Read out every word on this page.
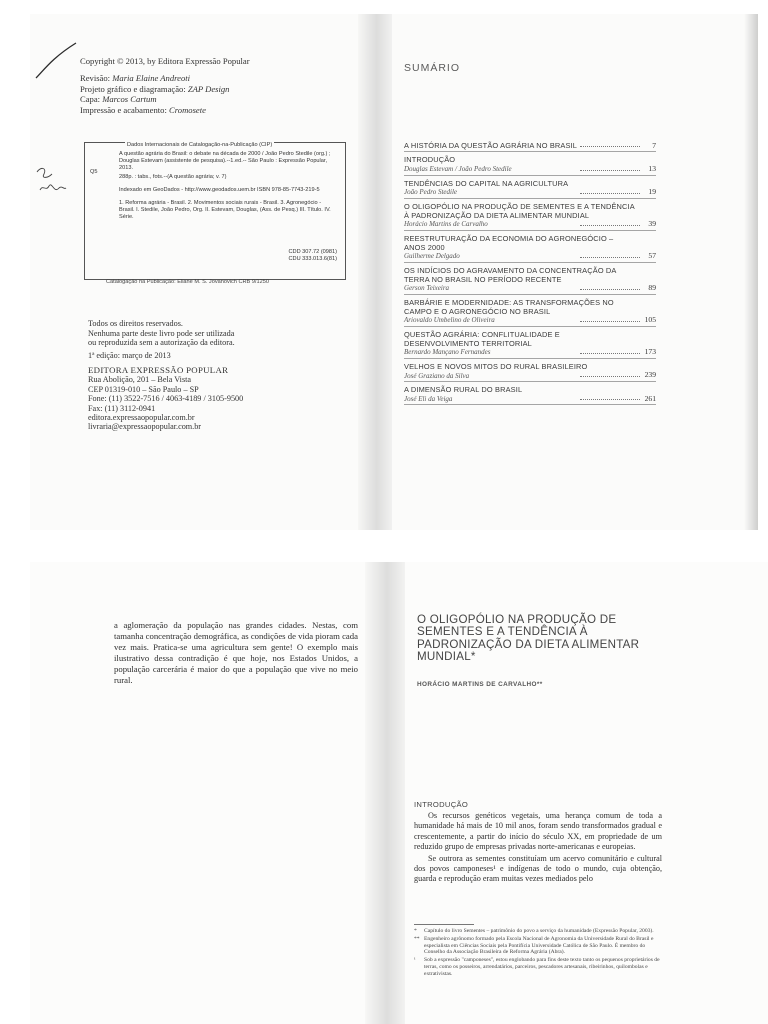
Copyright © 2013, by Editora Expressão Popular
Revisão: Maria Elaine Andreoti
Projeto gráfico e diagramação: ZAP Design
Capa: Marcos Cartum
Impressão e acabamento: Cromosete
Dados Internacionais de Catalogação-na-Publicação (CIP)
Q5

A questão agrária do Brasil: o debate na década de 2000 / João Pedro Stedile (org.) ; Douglas Estevam (assistente de pesquisa).--1.ed.-- São Paulo : Expressão Popular, 2013.

288p. : tabs., fots.--(A questão agrária; v. 7)

Indexado em GeoDados - http://www.geodados.uem.br ISBN 978-85-7743-219-5

1. Reforma agrária - Brasil. 2. Movimentos sociais rurais - Brasil. 3. Agronegócio - Brasil. I. Stedile, João Pedro, Org. II. Estevam, Douglas, (Ass. de Pesq.) III. Título. IV. Série.

CDD 307.72 (0981)
CDU 333.013.6(81)
Catalogação na Publicação: Eliane M. S. Jovanovich CRB 9/1250
Todos os direitos reservados.
Nenhuma parte deste livro pode ser utilizada
ou reproduzida sem a autorização da editora.
1ª edição: março de 2013
EDITORA EXPRESSÃO POPULAR
Rua Abolição, 201 – Bela Vista
CEP 01319-010 – São Paulo – SP
Fone: (11) 3522-7516 / 4063-4189 / 3105-9500
Fax: (11) 3112-0941
editora.expressaopopular.com.br
livraria@expressaopopular.com.br
SUMÁRIO
A HISTÓRIA DA QUESTÃO AGRÁRIA NO BRASIL	7
INTRODUÇÃO
Douglas Estevam / João Pedro Stedile	13
TENDÊNCIAS DO CAPITAL NA AGRICULTURA
João Pedro Stedile	19
O OLIGOPÓLIO NA PRODUÇÃO DE SEMENTES E A TENDÊNCIA À PADRONIZAÇÃO DA DIETA ALIMENTAR MUNDIAL
Horácio Martins de Carvalho	39
REESTRUTURAÇÃO DA ECONOMIA DO AGRONEGÓCIO – ANOS 2000
Guilherme Delgado	57
OS INDÍCIOS DO AGRAVAMENTO DA CONCENTRAÇÃO DA TERRA NO BRASIL NO PERÍODO RECENTE
Gerson Teixeira	89
BARBÁRIE E MODERNIDADE: AS TRANSFORMAÇÕES NO CAMPO E O AGRONEGÓCIO NO BRASIL
Ariovaldo Umbelino de Oliveira	105
QUESTÃO AGRÁRIA: CONFLITUALIDADE E DESENVOLVIMENTO TERRITORIAL
Bernardo Mançano Fernandes	173
VELHOS E NOVOS MITOS DO RURAL BRASILEIRO
José Graziano da Silva	239
A DIMENSÃO RURAL DO BRASIL
José Eli da Veiga	261
a aglomeração da população nas grandes cidades. Nestas, com tamanha concentração demográfica, as condições de vida pioram cada vez mais. Pratica-se uma agricultura sem gente! O exemplo mais ilustrativo dessa contradição é que hoje, nos Estados Unidos, a população carcerária é maior do que a população que vive no meio rural.
O OLIGOPÓLIO NA PRODUÇÃO DE SEMENTES E A TENDÊNCIA À PADRONIZAÇÃO DA DIETA ALIMENTAR MUNDIAL*
HORÁCIO MARTINS DE CARVALHO**
INTRODUÇÃO

Os recursos genéticos vegetais, uma herança comum de toda a humanidade há mais de 10 mil anos, foram sendo transformados gradual e crescentemente, a partir do início do século XX, em propriedade de um reduzido grupo de empresas privadas norte-americanas e europeias.

Se outrora as sementes constituíam um acervo comunitário e cultural dos povos camponeses¹ e indígenas de todo o mundo, cuja obtenção, guarda e reprodução eram muitas vezes mediados pelo

* Capítulo do livro Sementes – patrimônio do povo a serviço da humanidade (Expressão Popular, 2003).
** Engenheiro agrônomo formado pela Escola Nacional de Agronomia da Universidade Rural do Brasil e especialista em Ciências Sociais pela Pontifícia Universidade Católica de São Paulo. É membro do Conselho da Associação Brasileira de Reforma Agrária (Abra).
¹ Sob a expressão "camponeses", estou englobando para fins deste texto tanto os pequenos proprietários de terras, como os posseiros, arrendatários, parceiros, pescadores artesanais, ribeirinhos, quilombolas e extrativistas.
